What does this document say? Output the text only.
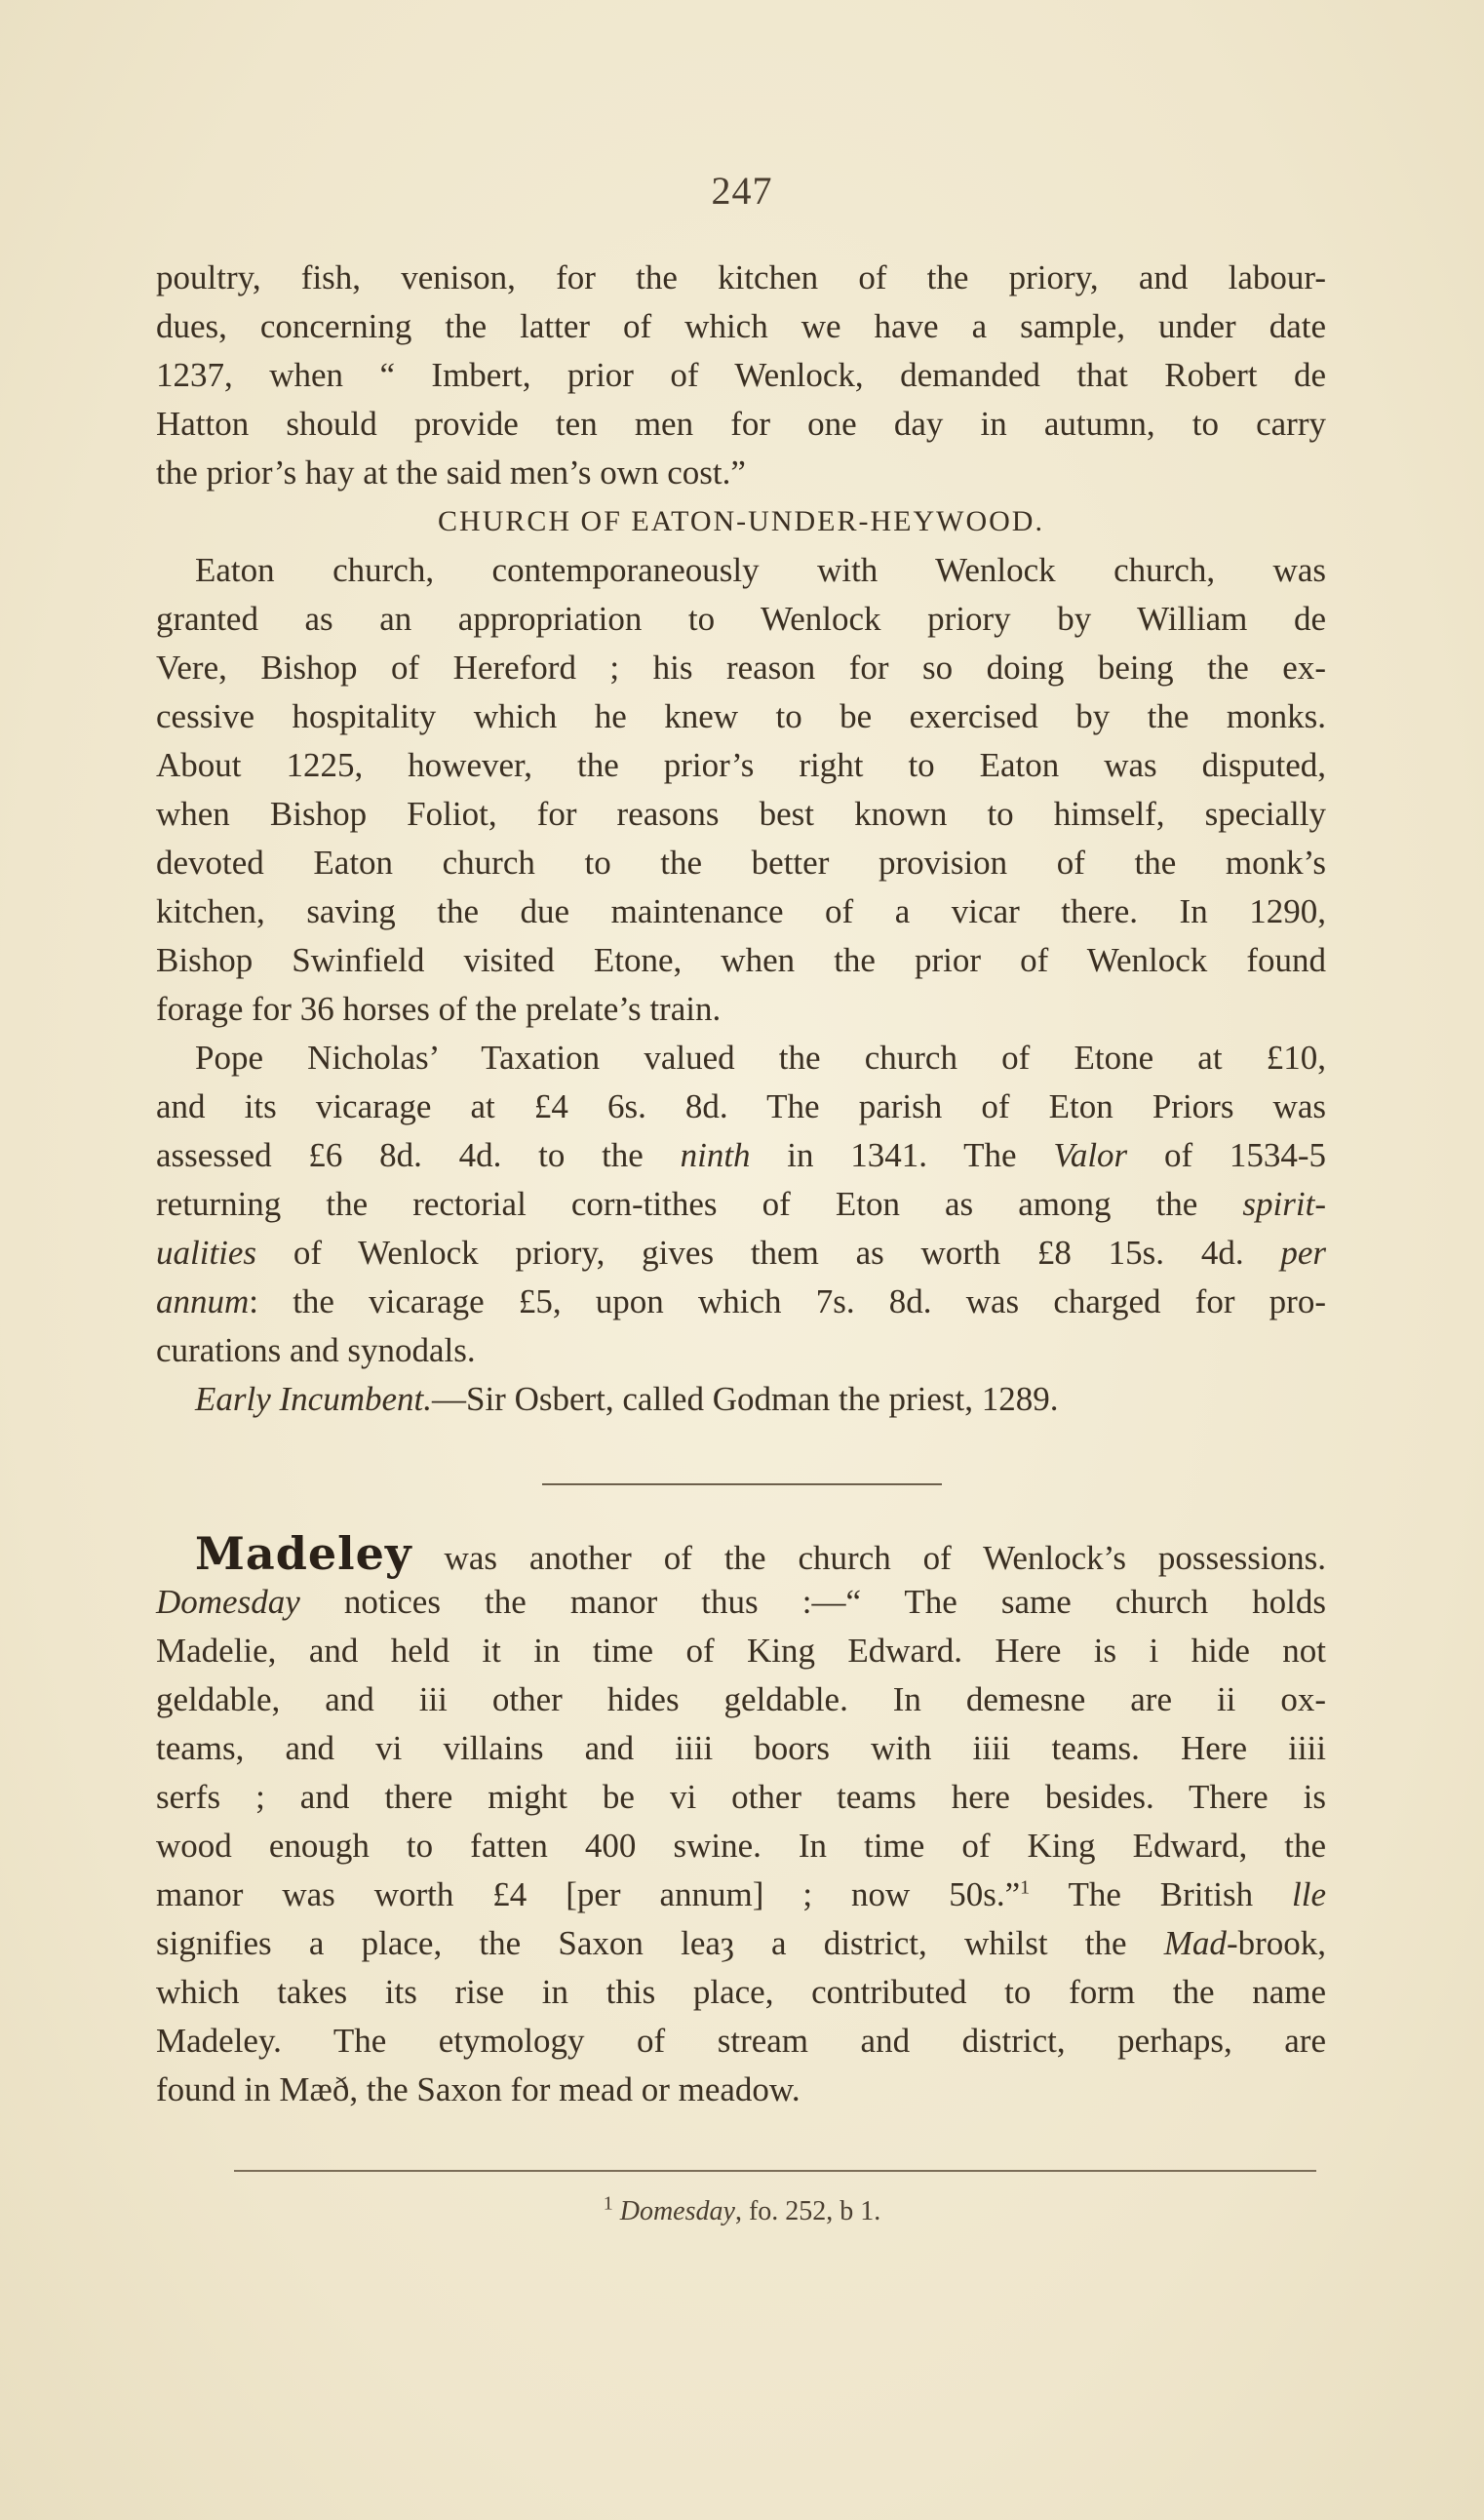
247
poultry, fish, venison, for the kitchen of the priory, and labour-
dues, concerning the latter of which we have a sample, under date
1237, when “ Imbert, prior of Wenlock, demanded that Robert de
Hatton should provide ten men for one day in autumn, to carry
the prior’s hay at the said men’s own cost.”
CHURCH OF EATON-UNDER-HEYWOOD.
Eaton church, contemporaneously with Wenlock church, was
granted as an appropriation to Wenlock priory by William de
Vere, Bishop of Hereford ; his reason for so doing being the ex-
cessive hospitality which he knew to be exercised by the monks.
About 1225, however, the prior’s right to Eaton was disputed,
when Bishop Foliot, for reasons best known to himself, specially
devoted Eaton church to the better provision of the monk’s
kitchen, saving the due maintenance of a vicar there. In 1290,
Bishop Swinfield visited Etone, when the prior of Wenlock found
forage for 36 horses of the prelate’s train.
Pope Nicholas’ Taxation valued the church of Etone at £10,
and its vicarage at £4 6s. 8d. The parish of Eton Priors was
assessed £6 8d. 4d. to the ninth in 1341. The Valor of 1534-5
returning the rectorial corn-tithes of Eton as among the spirit-
ualities of Wenlock priory, gives them as worth £8 15s. 4d. per
annum: the vicarage £5, upon which 7s. 8d. was charged for pro-
curations and synodals.
Early Incumbent.—Sir Osbert, called Godman the priest, 1289.
Madeley was another of the church of Wenlock’s possessions.
Domesday notices the manor thus :—“ The same church holds
Madelie, and held it in time of King Edward. Here is i hide not
geldable, and iii other hides geldable. In demesne are ii ox-
teams, and vi villains and iiii boors with iiii teams. Here iiii
serfs ; and there might be vi other teams here besides. There is
wood enough to fatten 400 swine. In time of King Edward, the
manor was worth £4 [per annum] ; now 50s.”$^1$ The British lle
signifies a place, the Saxon leaȝ a district, whilst the Mad-brook,
which takes its rise in this place, contributed to form the name
Madeley. The etymology of stream and district, perhaps, are
found in Mæð, the Saxon for mead or meadow.
$^1$ Domesday, fo. 252, b 1.
